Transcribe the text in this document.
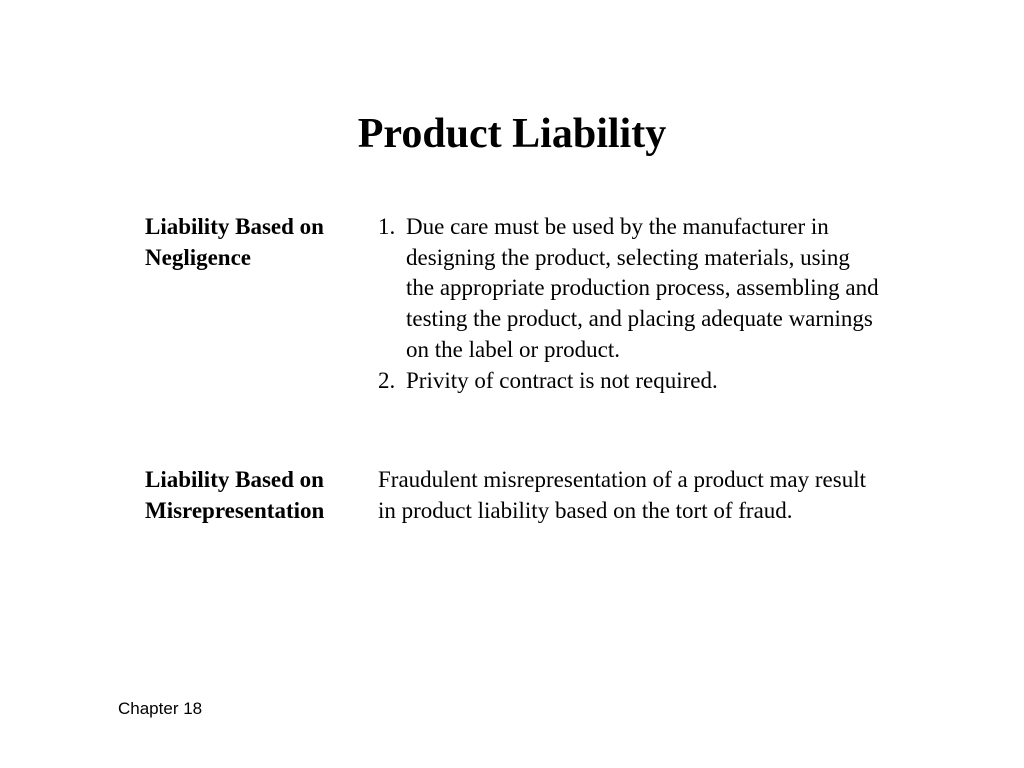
Product Liability
Liability Based on
Negligence
1. Due care must be used by the manufacturer in designing the product, selecting materials, using the appropriate production process, assembling and testing the product, and placing adequate warnings on the label or product.
2. Privity of contract is not required.
Liability Based on
Misrepresentation
Fraudulent misrepresentation of a product may result in product liability based on the tort of fraud.
Chapter 18
